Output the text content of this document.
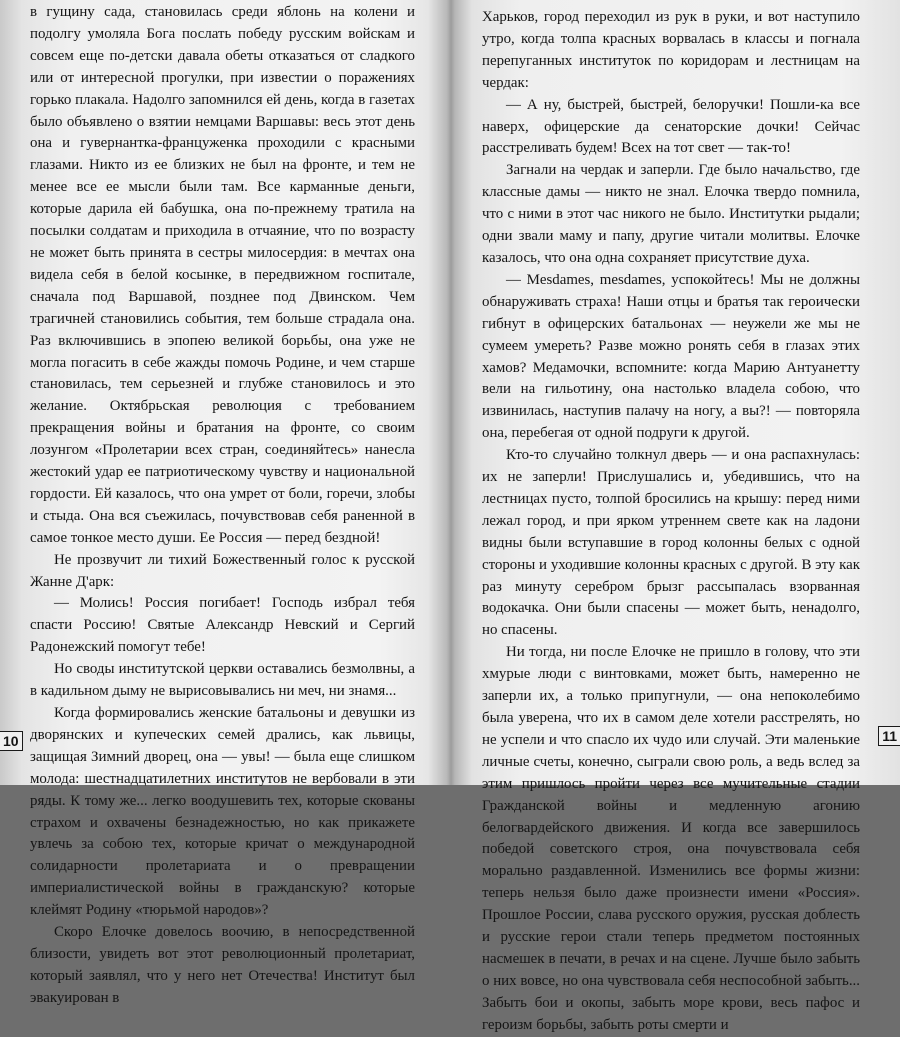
в гущину сада, становилась среди яблонь на колени и подолгу умоляла Бога послать победу русским войскам и совсем еще по-детски давала обеты отказаться от сладкого или от интересной прогулки, при известии о поражениях горько плакала. Надолго запомнился ей день, когда в газетах было объявлено о взятии немцами Варшавы: весь этот день она и гувернантка-француженка проходили с красными глазами. Никто из ее близких не был на фронте, и тем не менее все ее мысли были там. Все карманные деньги, которые дарила ей бабушка, она по-прежнему тратила на посылки солдатам и приходила в отчаяние, что по возрасту не может быть принята в сестры милосердия: в мечтах она видела себя в белой косынке, в передвижном госпитале, сначала под Варшавой, позднее под Двинском. Чем трагичней становились события, тем больше страдала она. Раз включившись в эпопею великой борьбы, она уже не могла погасить в себе жажды помочь Родине, и чем старше становилась, тем серьезней и глубже становилось и это желание. Октябрьская революция с требованием прекращения войны и братания на фронте, со своим лозунгом «Пролетарии всех стран, соединяйтесь» нанесла жестокий удар ее патриотическому чувству и национальной гордости. Ей казалось, что она умрет от боли, горечи, злобы и стыда. Она вся съежилась, почувствовав себя раненной в самое тонкое место души. Ее Россия — перед бездной!

Не прозвучит ли тихий Божественный голос к русской Жанне Д'арк:

— Молись! Россия погибает! Господь избрал тебя спасти Россию! Святые Александр Невский и Сергий Радонежский помогут тебе!

Но своды институтской церкви оставались безмолвны, а в кадильном дыму не вырисовывались ни меч, ни знамя...

Когда формировались женские батальоны и девушки из дворянских и купеческих семей дрались, как львицы, защищая Зимний дворец, она — увы! — была еще слишком молода: шестнадцатилетних институтов не вербовали в эти ряды. К тому же... легко воодушевить тех, которые скованы страхом и охвачены безнадежностью, но как прикажете увлечь за собою тех, которые кричат о международной солидарности пролетариата и о превращении империалистической войны в гражданскую? которые клеймят Родину «тюрьмой народов»?

Скоро Елочке довелось воочию, в непосредственной близости, увидеть вот этот революционный пролетариат, который заявлял, что у него нет Отечества! Институт был эвакуирован в

10

Харьков, город переходил из рук в руки, и вот наступило утро, когда толпа красных ворвалась в классы и погнала перепуганных институток по коридорам и лестницам на чердак:

— А ну, быстрей, быстрей, белоручки! Пошли-ка все наверх, офицерские да сенаторские дочки! Сейчас расстреливать будем! Всех на тот свет — так-то!

Загнали на чердак и заперли. Где было начальство, где классные дамы — никто не знал. Елочка твердо помнила, что с ними в этот час никого не было. Институтки рыдали; одни звали маму и папу, другие читали молитвы. Елочке казалось, что она одна сохраняет присутствие духа.

— Mesdames, mesdames, успокойтесь! Мы не должны обнаруживать страха! Наши отцы и братья так героически гибнут в офицерских батальонах — неужели же мы не сумеем умереть? Разве можно ронять себя в глазах этих хамов? Медамочки, вспомните: когда Марию Антуанетту вели на гильотину, она настолько владела собою, что извинилась, наступив палачу на ногу, а вы?! — повторяла она, перебегая от одной подруги к другой.

Кто-то случайно толкнул дверь — и она распахнулась: их не заперли! Прислушались и, убедившись, что на лестницах пусто, толпой бросились на крышу: перед ними лежал город, и при ярком утреннем свете как на ладони видны были вступавшие в город колонны белых с одной стороны и уходившие колонны красных с другой. В эту как раз минуту серебром брызг рассыпалась взорванная водокачка. Они были спасены — может быть, ненадолго, но спасены.

Ни тогда, ни после Елочке не пришло в голову, что эти хмурые люди с винтовками, может быть, намеренно не заперли их, а только припугнули, — она непоколебимо была уверена, что их в самом деле хотели расстрелять, но не успели и что спасло их чудо или случай. Эти маленькие личные счеты, конечно, сыграли свою роль, а ведь вслед за этим пришлось пройти через все мучительные стадии Гражданской войны и медленную агонию белогвардейского движения. И когда все завершилось победой советского строя, она почувствовала себя морально раздавленной. Изменились все формы жизни: теперь нельзя было даже произнести имени «Россия». Прошлое России, слава русского оружия, русская доблесть и русские герои стали теперь предметом постоянных насмешек в печати, в речах и на сцене. Лучше было забыть о них вовсе, но она чувствовала себя неспособной забыть... Забыть бои и окопы, забыть море крови, весь пафос и героизм борьбы, забыть роты смерти и

11
